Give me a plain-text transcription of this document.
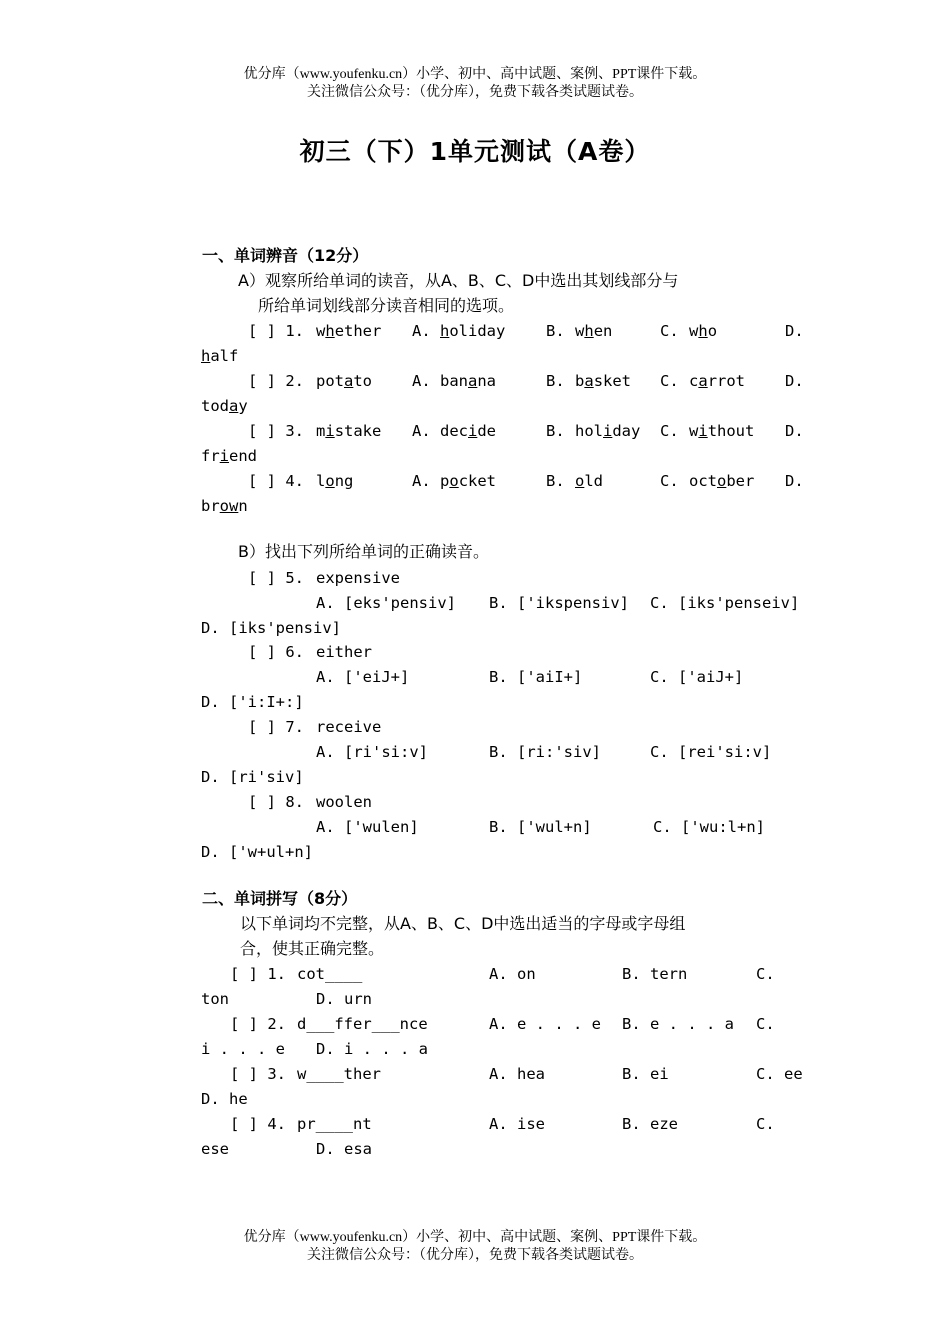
优分库（www.youfenku.cn）小学、初中、高中试题、案例、PPT课件下载。
关注微信公众号：（优分库），免费下载各类试题试卷。
初三（下）1单元测试（A卷）
一、单词辨音（12分）
A）观察所给单词的读音，从A、B、C、D中选出其划线部分与
所给单词划线部分读音相同的选项。
[ ] 1. whether A. holiday	B. when	C. who	D.
half
[ ] 2. potato	A. banana	B. basket C. carrot	D.
today
[ ] 3. mistake A. decide	B. holiday C. without D.
friend
[ ] 4. long	A. pocket	B. old	C. october D.
brown
B）找出下列所给单词的正确读音。
[ ] 5. expensive
A. [eks'pensiv] B. ['ikspensiv] C. [iks'penseiv]
D. [iks'pensiv]
[ ] 6. either
A. ['eiJ+]	B. ['aiI+]	C. ['aiJ+]
D. ['i:I+:]
[ ] 7. receive
A. [ri'si:v]	B. [ri:'siv]	C. [rei'si:v]
D. [ri'siv]
[ ] 8. woolen
A. ['wulen]	B. ['wul+n]	C. ['wu:l+n]
D. ['w+ul+n]
二、单词拼写（8分）
以下单词均不完整，从A、B、C、D中选出适当的字母或字母组
合，使其正确完整。
[ ] 1. cot____	A. on	B. tern	C.
ton	D. urn
[ ] 2. d___ffer___nce	A. e . . . e B. e . . . a C.
i . . . e D. i . . . a
[ ] 3. w____ther	A. hea	B. ei	C. ee
D. he
[ ] 4. pr____nt	A. ise	B. eze	C.
ese	D. esa
优分库（www.youfenku.cn）小学、初中、高中试题、案例、PPT课件下载。
关注微信公众号：（优分库），免费下载各类试题试卷。
